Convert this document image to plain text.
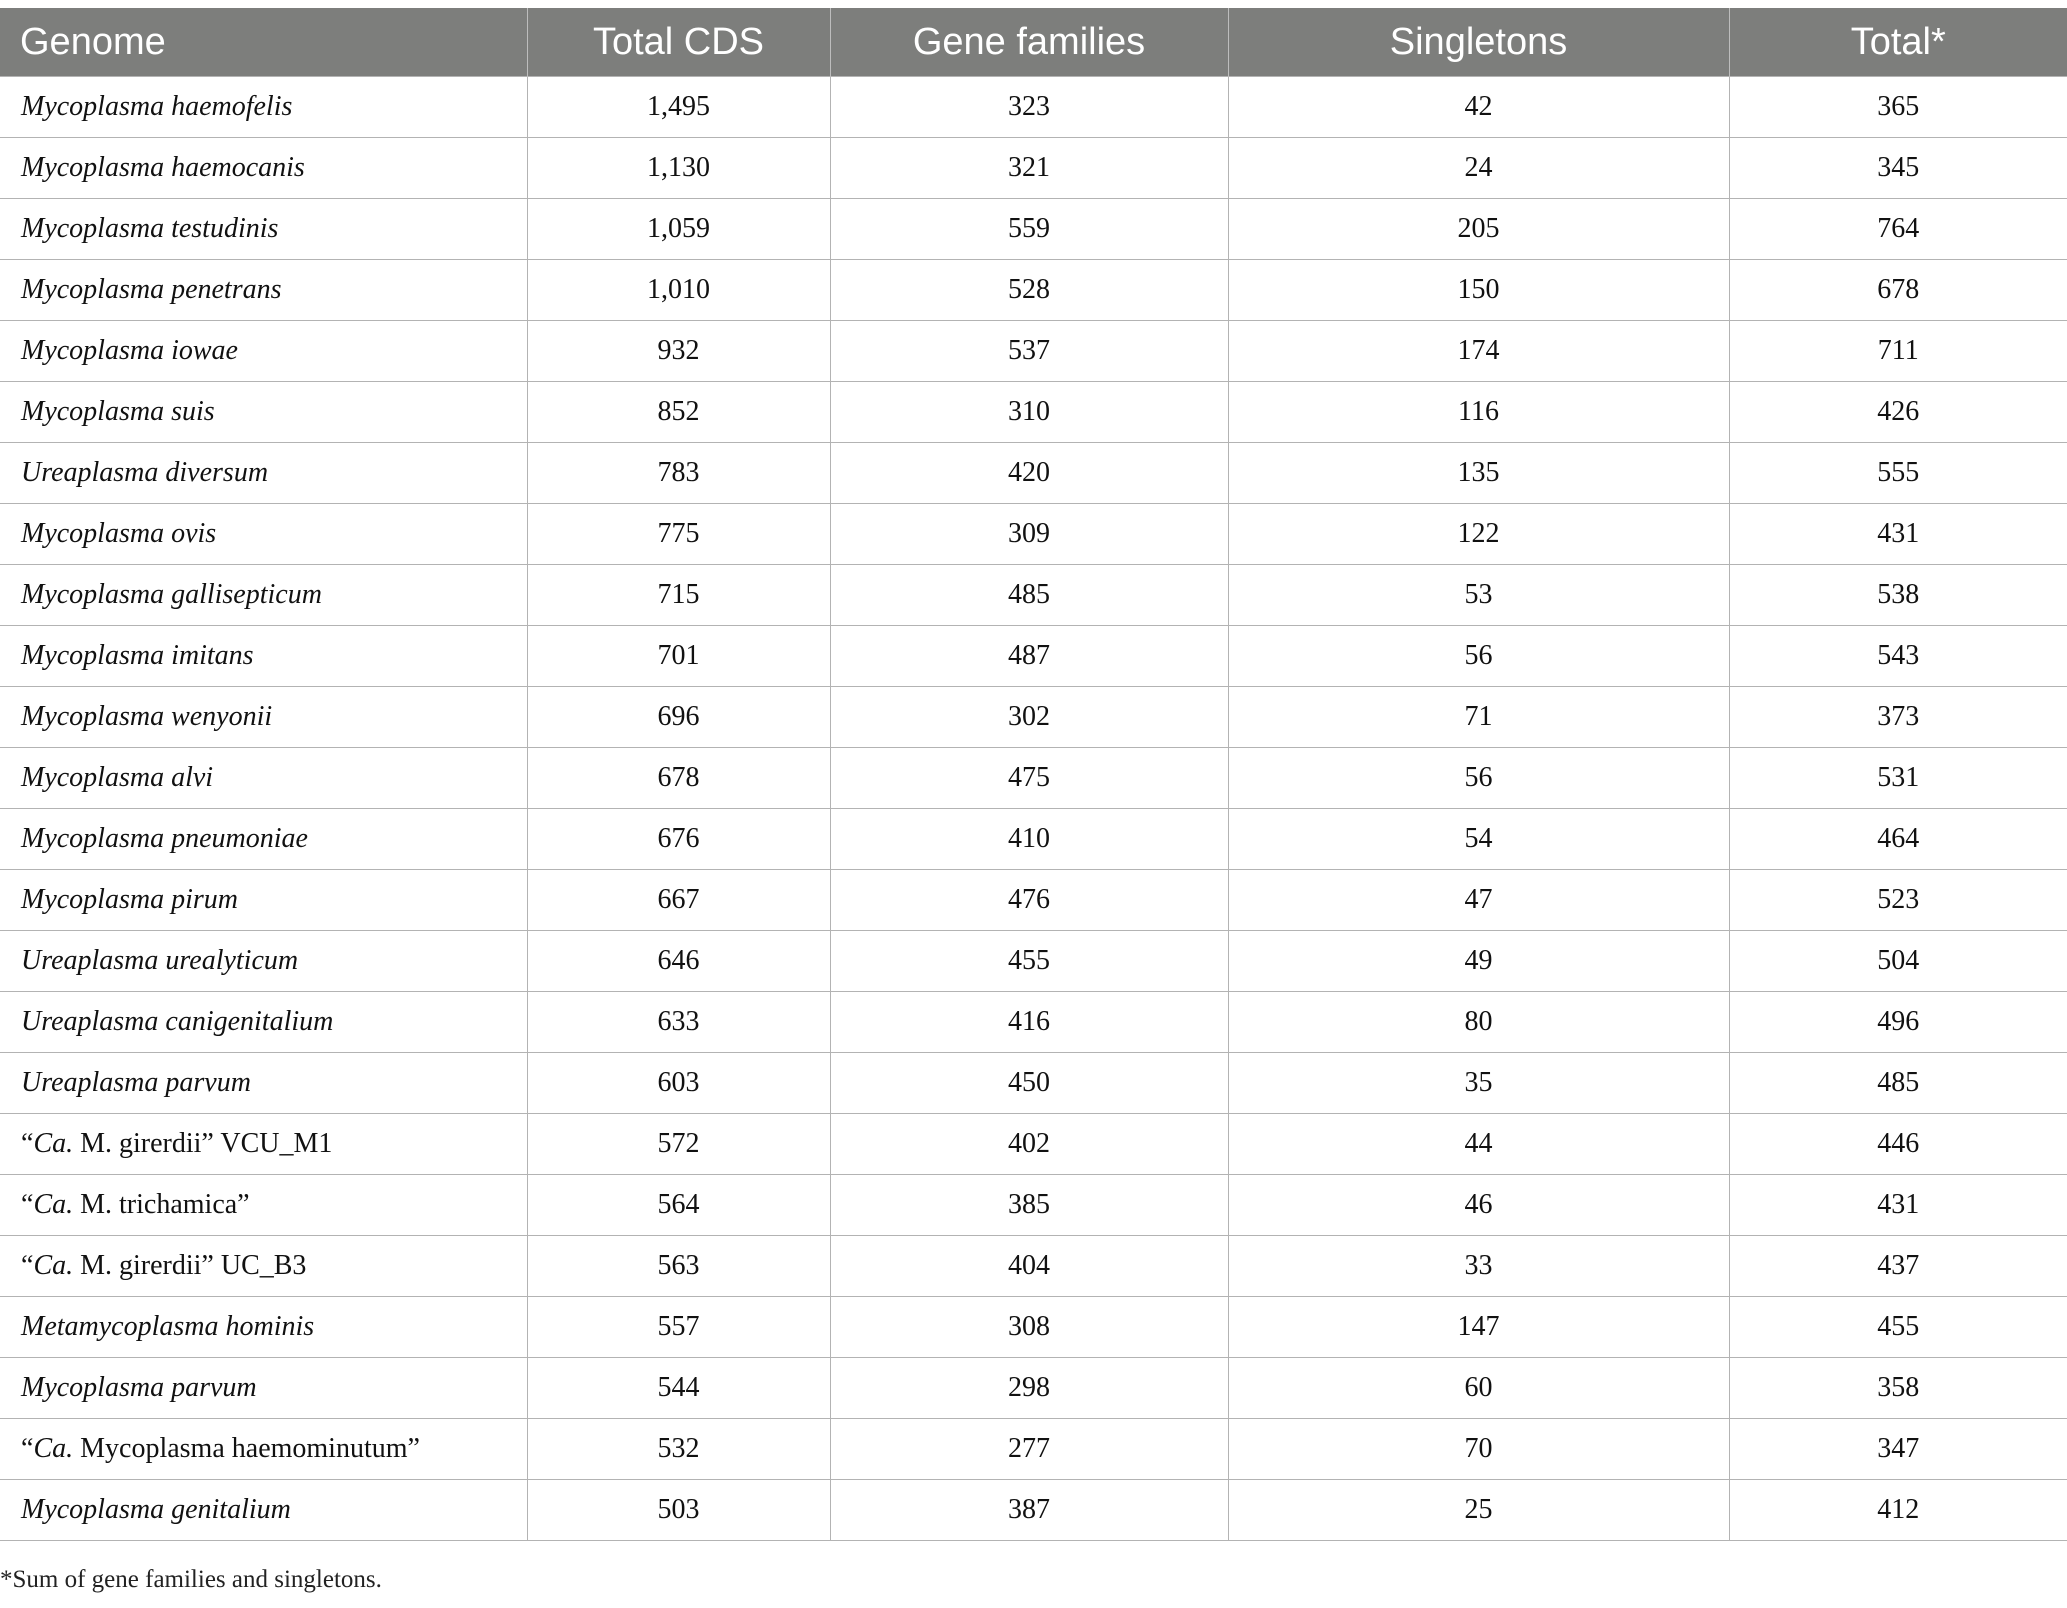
Genome	Total CDS	Gene families	Singletons	Total*
Mycoplasma haemofelis	1,495	323	42	365
Mycoplasma haemocanis	1,130	321	24	345
Mycoplasma testudinis	1,059	559	205	764
Mycoplasma penetrans	1,010	528	150	678
Mycoplasma iowae	932	537	174	711
Mycoplasma suis	852	310	116	426
Ureaplasma diversum	783	420	135	555
Mycoplasma ovis	775	309	122	431
Mycoplasma gallisepticum	715	485	53	538
Mycoplasma imitans	701	487	56	543
Mycoplasma wenyonii	696	302	71	373
Mycoplasma alvi	678	475	56	531
Mycoplasma pneumoniae	676	410	54	464
Mycoplasma pirum	667	476	47	523
Ureaplasma urealyticum	646	455	49	504
Ureaplasma canigenitalium	633	416	80	496
Ureaplasma parvum	603	450	35	485
“Ca. M. girerdii” VCU_M1	572	402	44	446
“Ca. M. trichamica”	564	385	46	431
“Ca. M. girerdii” UC_B3	563	404	33	437
Metamycoplasma hominis	557	308	147	455
Mycoplasma parvum	544	298	60	358
“Ca. Mycoplasma haemominutum”	532	277	70	347
Mycoplasma genitalium	503	387	25	412
*Sum of gene families and singletons.
